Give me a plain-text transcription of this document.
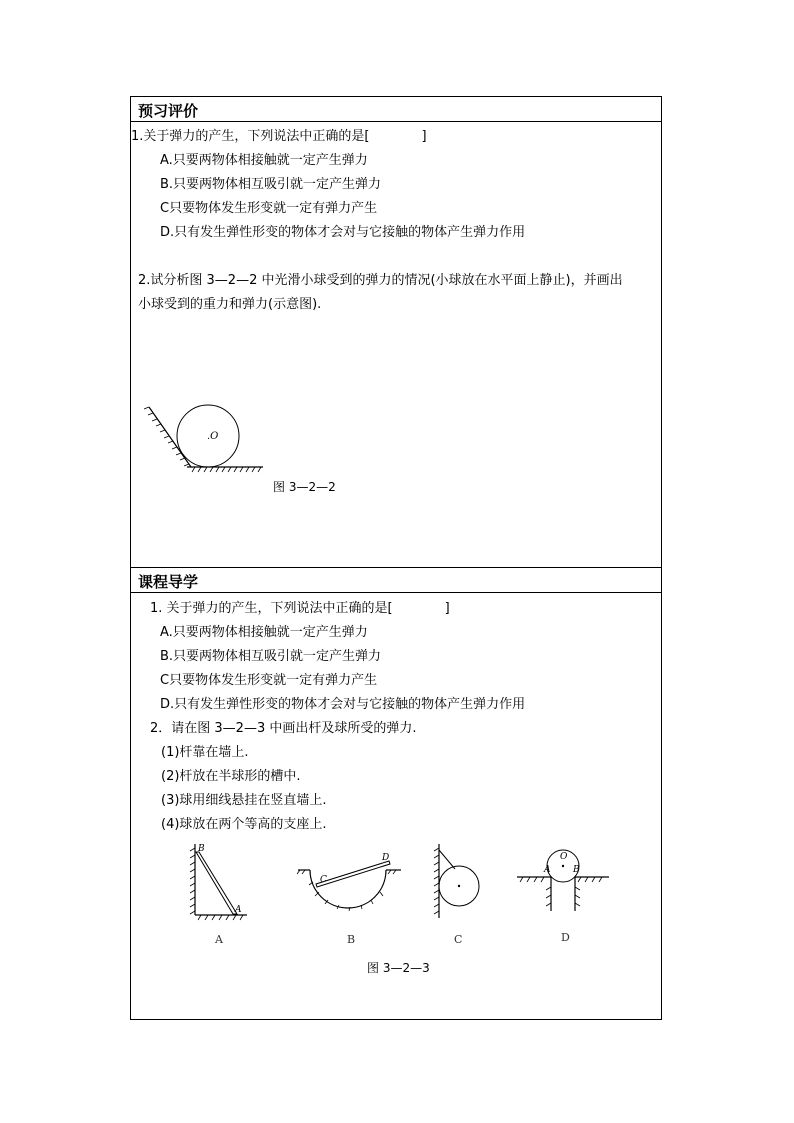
预习评价
1.关于弹力的产生，下列说法中正确的是[　　　　]
A.只要两物体相接触就一定产生弹力
B.只要两物体相互吸引就一定产生弹力
C只要物体发生形变就一定有弹力产生
D.只有发生弹性形变的物体才会对与它接触的物体产生弹力作用
2.试分析图 3—2—2 中光滑小球受到的弹力的情况(小球放在水平面上静止)，并画出
小球受到的重力和弹力(示意图).
.O
图 3—2—2
课程导学
1. 关于弹力的产生，下列说法中正确的是[　　　　]
A.只要两物体相接触就一定产生弹力
B.只要两物体相互吸引就一定产生弹力
C只要物体发生形变就一定有弹力产生
D.只有发生弹性形变的物体才会对与它接触的物体产生弹力作用
2．请在图 3—2—3 中画出杆及球所受的弹力.
(1)杆靠在墙上.
(2)杆放在半球形的槽中.
(3)球用细线悬挂在竖直墙上.
(4)球放在两个等高的支座上.
B
A
A
C
D
B	C
O
A	B
D
图 3—2—3
